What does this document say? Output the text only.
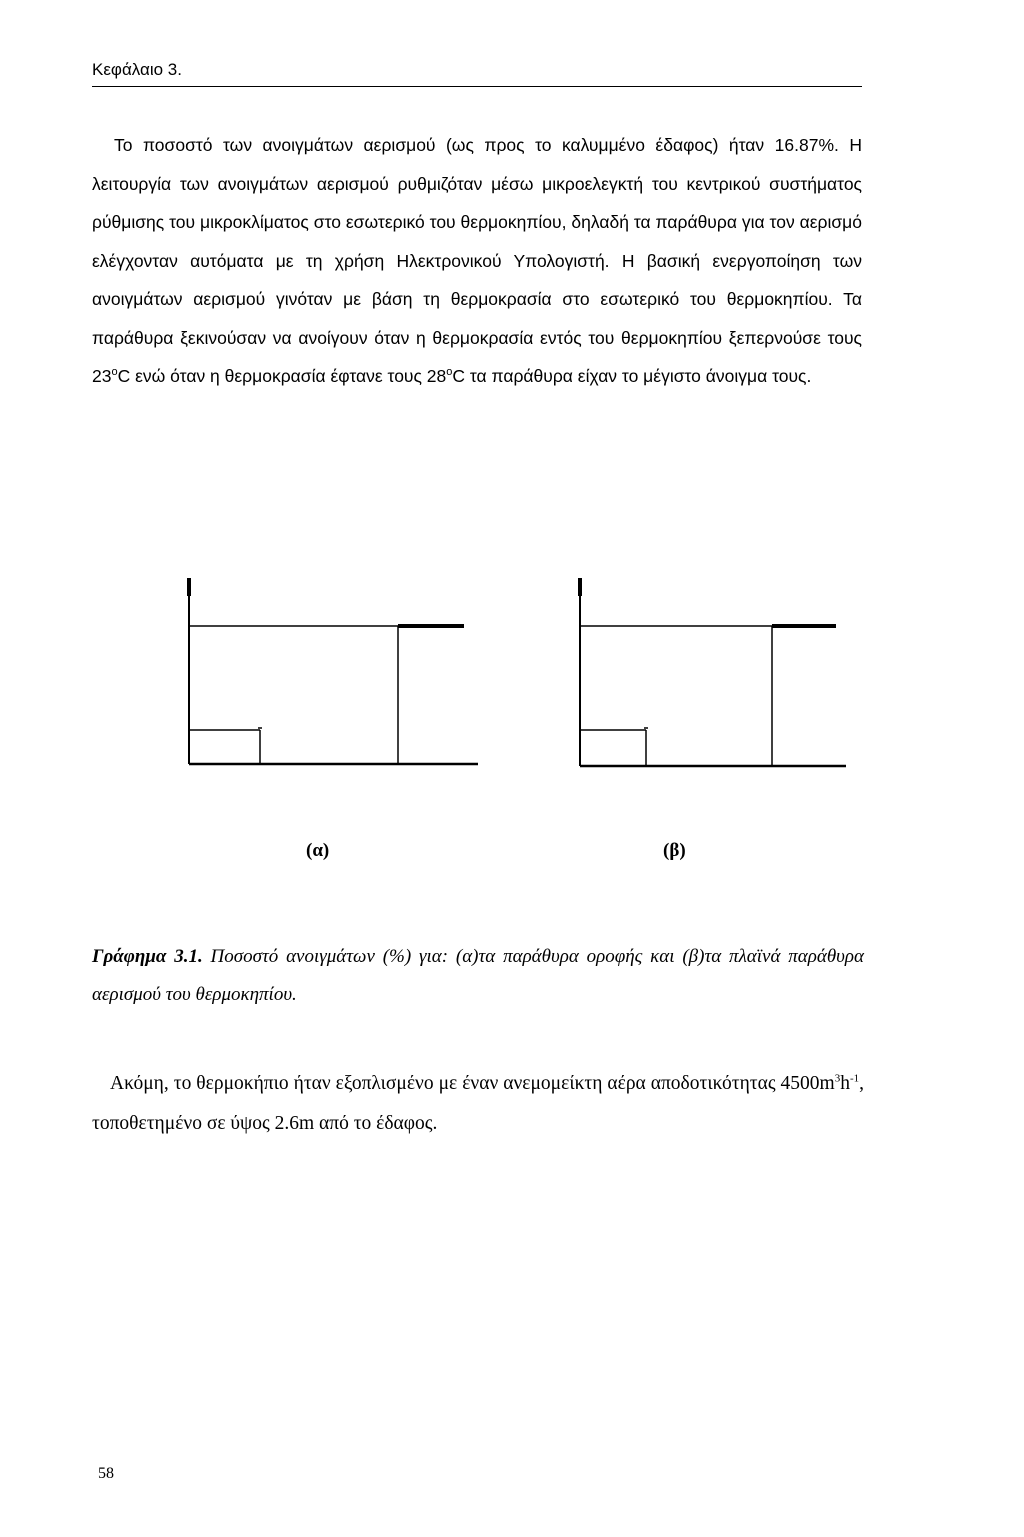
Κεφάλαιο 3.

Το ποσοστό των ανοιγμάτων αερισμού (ως προς το καλυμμένο έδαφος) ήταν 16.87%. Η λειτουργία των ανοιγμάτων αερισμού ρυθμιζόταν μέσω μικροελεγκτή του κεντρικού συστήματος ρύθμισης του μικροκλίματος στο εσωτερικό του θερμοκηπίου, δηλαδή τα παράθυρα για τον αερισμό ελέγχονταν αυτόματα με τη χρήση Ηλεκτρονικού Υπολογιστή. Η βασική ενεργοποίηση των ανοιγμάτων αερισμού γινόταν με βάση τη θερμοκρασία στο εσωτερικό του θερμοκηπίου. Τα παράθυρα ξεκινούσαν να ανοίγουν όταν η θερμοκρασία εντός του θερμοκηπίου ξεπερνούσε τους 23$^o$C ενώ όταν η θερμοκρασία έφτανε τους 28$^o$C τα παράθυρα είχαν το μέγιστο άνοιγμα τους.

(α)	(β)

Γράφημα 3.1. Ποσοστό ανοιγμάτων (%) για: (α)τα παράθυρα οροφής και (β)τα πλαϊνά παράθυρα αερισμού του θερμοκηπίου.

Ακόμη, το θερμοκήπιο ήταν εξοπλισμένο με έναν ανεμομείκτη αέρα αποδοτικότητας $4500m^3h^{-1}$, τοποθετημένο σε ύψος 2.6m από το έδαφος.

58
